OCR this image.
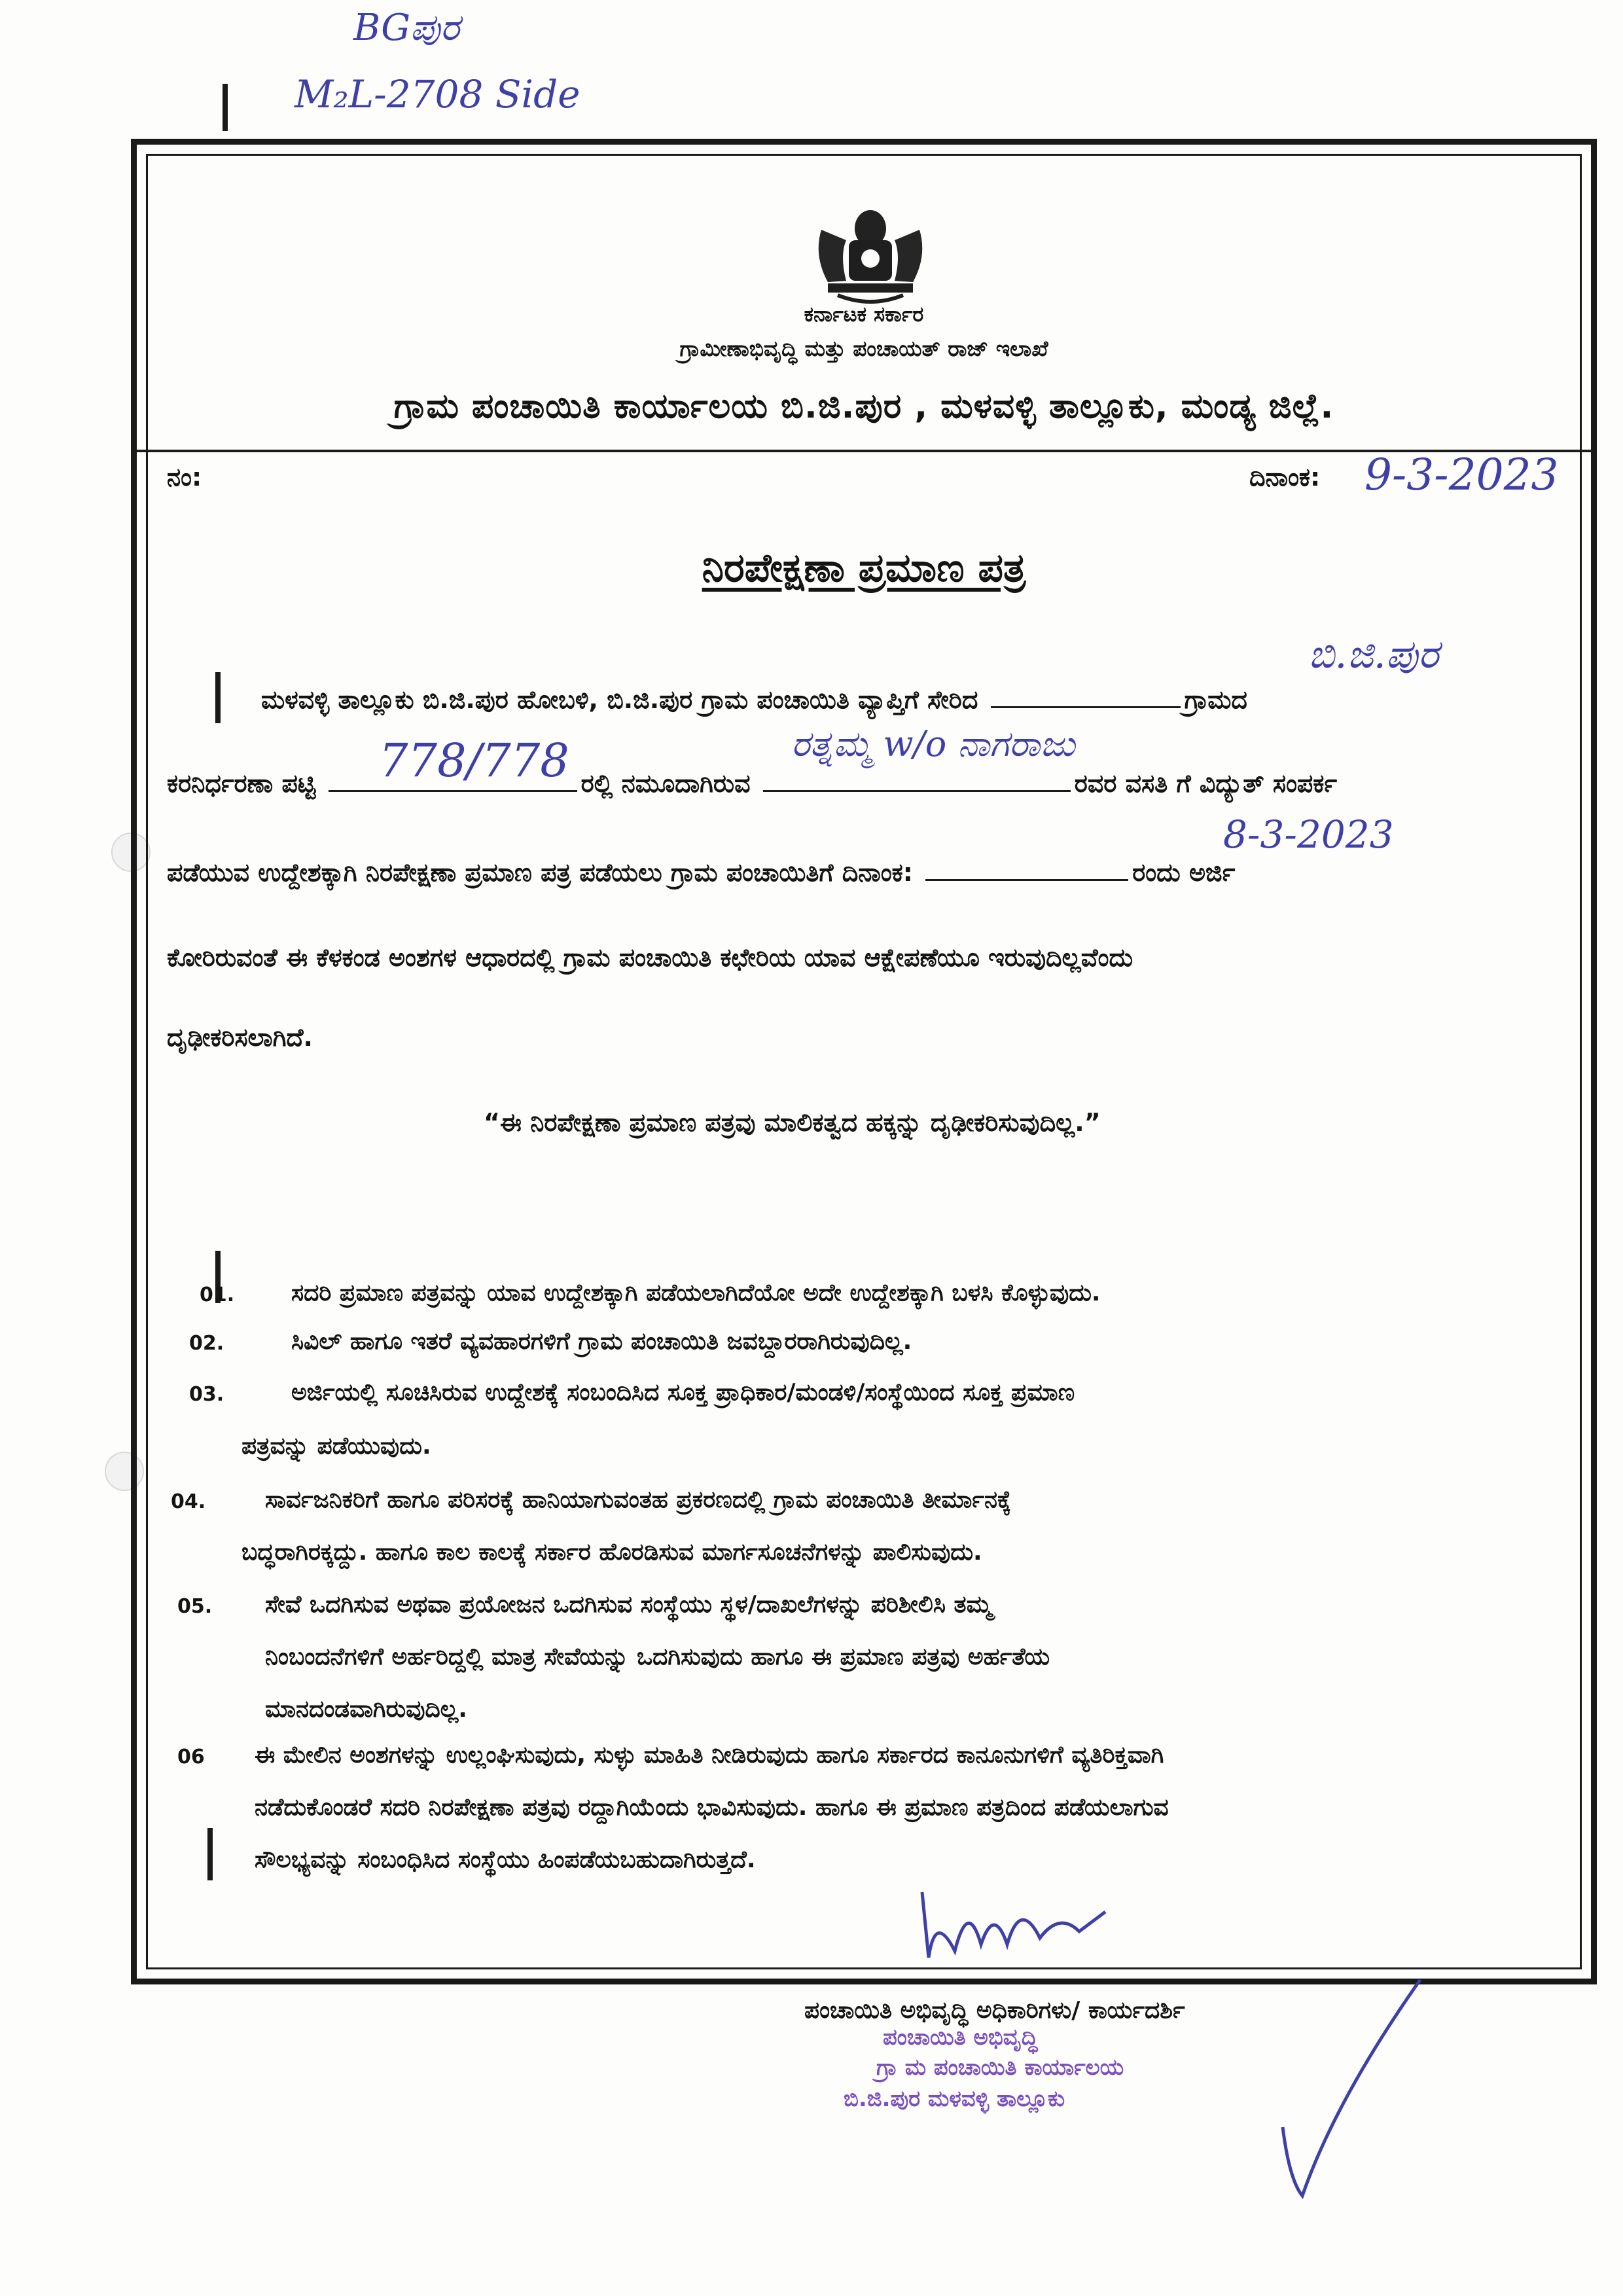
BGಪುರ
M₂L-2708 Side
ಕರ್ನಾಟಕ ಸರ್ಕಾರ
ಗ್ರಾಮೀಣಾಭಿವೃದ್ಧಿ ಮತ್ತು ಪಂಚಾಯತ್ ರಾಜ್ ಇಲಾಖೆ
ಗ್ರಾಮ ಪಂಚಾಯಿತಿ ಕಾರ್ಯಾಲಯ ಬಿ.ಜಿ.ಪುರ , ಮಳವಳ್ಳಿ ತಾಲ್ಲೂಕು, ಮಂಡ್ಯ ಜಿಲ್ಲೆ.
ನಂ:	ದಿನಾಂಕ: 9-3-2023
ನಿರಪೇಕ್ಷಣಾ ಪ್ರಮಾಣ ಪತ್ರ
ಮಳವಳ್ಳಿ ತಾಲ್ಲೂಕು ಬಿ.ಜಿ.ಪುರ ಹೋಬಳಿ, ಬಿ.ಜಿ.ಪುರ ಗ್ರಾಮ ಪಂಚಾಯಿತಿ ವ್ಯಾಪ್ತಿಗೆ ಸೇರಿದ	ಗ್ರಾಮದ
ಬಿ.ಜಿ.ಪುರ
ಕರನಿರ್ಧರಣಾ ಪಟ್ಟಿ	ರಲ್ಲಿ ನಮೂದಾಗಿರುವ	ರವರ ವಸತಿ ಗೆ ವಿದ್ಯುತ್ ಸಂಪರ್ಕ
778/778	ರತ್ನಮ್ಮ w/o ನಾಗರಾಜು
ಪಡೆಯುವ ಉದ್ದೇಶಕ್ಕಾಗಿ ನಿರಪೇಕ್ಷಣಾ ಪ್ರಮಾಣ ಪತ್ರ ಪಡೆಯಲು ಗ್ರಾಮ ಪಂಚಾಯಿತಿಗೆ ದಿನಾಂಕ:	ರಂದು ಅರ್ಜಿ
8-3-2023
ಕೋರಿರುವಂತೆ ಈ ಕೆಳಕಂಡ ಅಂಶಗಳ ಆಧಾರದಲ್ಲಿ ಗ್ರಾಮ ಪಂಚಾಯಿತಿ ಕಛೇರಿಯ ಯಾವ ಆಕ್ಷೇಪಣೆಯೂ ಇರುವುದಿಲ್ಲವೆಂದು
ದೃಢೀಕರಿಸಲಾಗಿದೆ.
“ಈ ನಿರಪೇಕ್ಷಣಾ ಪ್ರಮಾಣ ಪತ್ರವು ಮಾಲಿಕತ್ವದ ಹಕ್ಕನ್ನು ದೃಢೀಕರಿಸುವುದಿಲ್ಲ.”
01. ಸದರಿ ಪ್ರಮಾಣ ಪತ್ರವನ್ನು ಯಾವ ಉದ್ದೇಶಕ್ಕಾಗಿ ಪಡೆಯಲಾಗಿದೆಯೋ ಅದೇ ಉದ್ದೇಶಕ್ಕಾಗಿ ಬಳಸಿ ಕೊಳ್ಳುವುದು.
02.	ಸಿವಿಲ್ ಹಾಗೂ ಇತರೆ ವ್ಯವಹಾರಗಳಿಗೆ ಗ್ರಾಮ ಪಂಚಾಯಿತಿ ಜವಬ್ದಾರರಾಗಿರುವುದಿಲ್ಲ.
03.	ಅರ್ಜಿಯಲ್ಲಿ ಸೂಚಿಸಿರುವ ಉದ್ದೇಶಕ್ಕೆ ಸಂಬಂದಿಸಿದ ಸೂಕ್ತ ಪ್ರಾಧಿಕಾರ/ಮಂಡಳಿ/ಸಂಸ್ಥೆಯಿಂದ ಸೂಕ್ತ ಪ್ರಮಾಣ
ಪತ್ರವನ್ನು ಪಡೆಯುವುದು.
04.	ಸಾರ್ವಜನಿಕರಿಗೆ ಹಾಗೂ ಪರಿಸರಕ್ಕೆ ಹಾನಿಯಾಗುವಂತಹ ಪ್ರಕರಣದಲ್ಲಿ ಗ್ರಾಮ ಪಂಚಾಯಿತಿ ತೀರ್ಮಾನಕ್ಕೆ
ಬದ್ಧರಾಗಿರಕ್ಕದ್ದು. ಹಾಗೂ ಕಾಲ ಕಾಲಕ್ಕೆ ಸರ್ಕಾರ ಹೊರಡಿಸುವ ಮಾರ್ಗಸೂಚನೆಗಳನ್ನು ಪಾಲಿಸುವುದು.
05. ಸೇವೆ ಒದಗಿಸುವ ಅಥವಾ ಪ್ರಯೋಜನ ಒದಗಿಸುವ ಸಂಸ್ಥೆಯು ಸ್ಥಳ/ದಾಖಲೆಗಳನ್ನು ಪರಿಶೀಲಿಸಿ ತಮ್ಮ
ನಿಂಬಂದನೆಗಳಿಗೆ ಅರ್ಹರಿದ್ದಲ್ಲಿ ಮಾತ್ರ ಸೇವೆಯನ್ನು ಒದಗಿಸುವುದು ಹಾಗೂ ಈ ಪ್ರಮಾಣ ಪತ್ರವು ಅರ್ಹತೆಯ
ಮಾನದಂಡವಾಗಿರುವುದಿಲ್ಲ.
06 ಈ ಮೇಲಿನ ಅಂಶಗಳನ್ನು ಉಲ್ಲಂಘಿಸುವುದು, ಸುಳ್ಳು ಮಾಹಿತಿ ನೀಡಿರುವುದು ಹಾಗೂ ಸರ್ಕಾರದ ಕಾನೂನುಗಳಿಗೆ ವ್ಯತಿರಿಕ್ತವಾಗಿ
ನಡೆದುಕೊಂಡರೆ ಸದರಿ ನಿರಪೇಕ್ಷಣಾ ಪತ್ರವು ರದ್ದಾಗಿಯೆಂದು ಭಾವಿಸುವುದು. ಹಾಗೂ ಈ ಪ್ರಮಾಣ ಪತ್ರದಿಂದ ಪಡೆಯಲಾಗುವ
ಸೌಲಭ್ಯವನ್ನು ಸಂಬಂಧಿಸಿದ ಸಂಸ್ಥೆಯು ಹಿಂಪಡೆಯಬಹುದಾಗಿರುತ್ತದೆ.
ಪಂಚಾಯಿತಿ ಅಭಿವೃದ್ಧಿ ಅಧಿಕಾರಿಗಳು/ ಕಾರ್ಯದರ್ಶಿ
ಪಂಚಾಯಿತಿ ಅಭಿವೃದ್ಧಿ
ಗ್ರಾ ಮ ಪಂಚಾಯಿತಿ ಕಾರ್ಯಾಲಯ
ಬಿ.ಜಿ.ಪುರ ಮಳವಳ್ಳಿ ತಾಲ್ಲೂಕು
